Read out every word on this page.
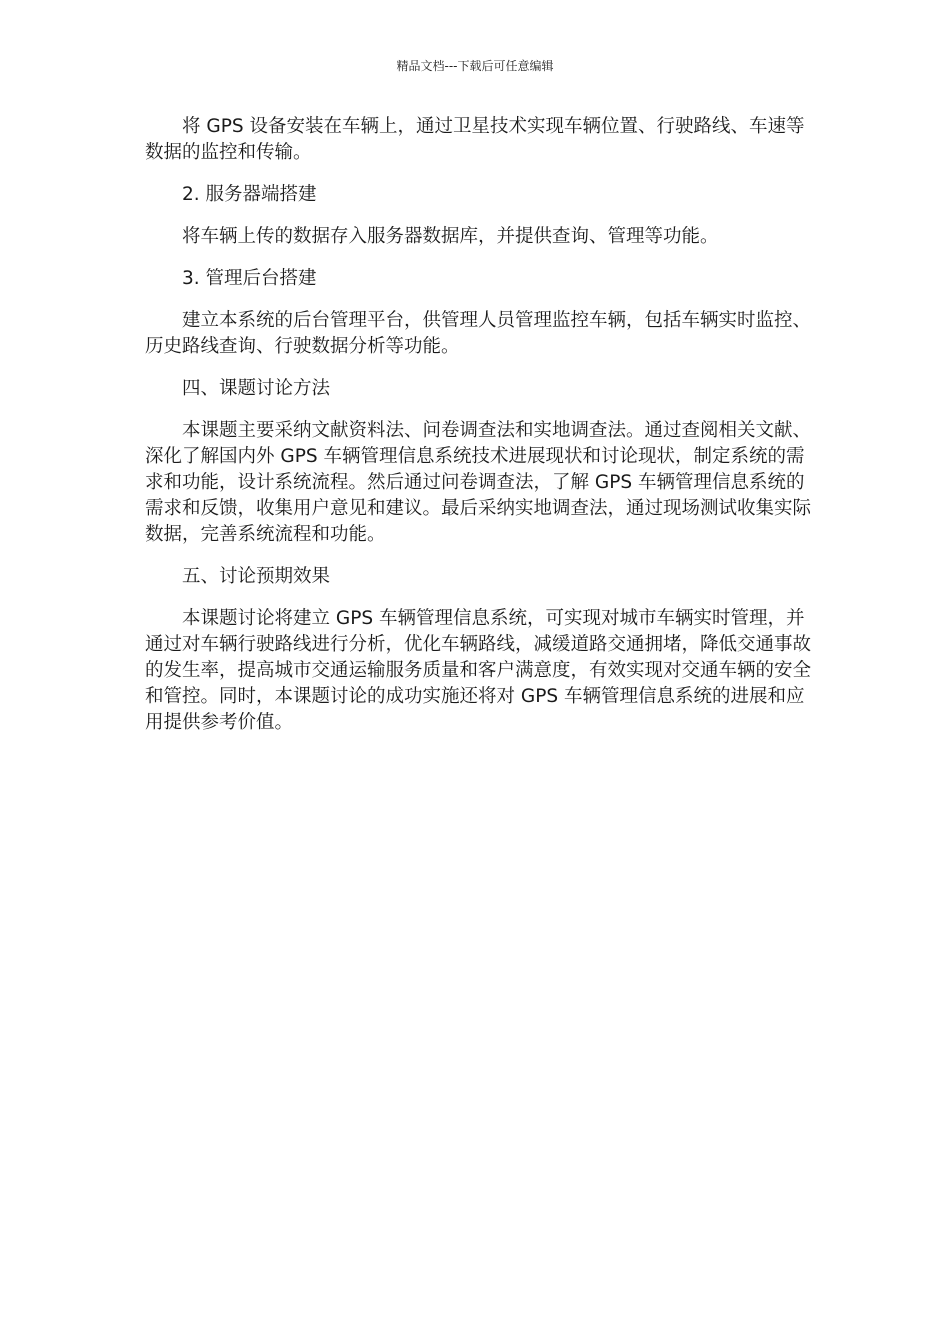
精品文档---下载后可任意编辑

将 GPS 设备安装在车辆上，通过卫星技术实现车辆位置、行驶路线、车速等数据的监控和传输。

2. 服务器端搭建

将车辆上传的数据存入服务器数据库，并提供查询、管理等功能。

3. 管理后台搭建

建立本系统的后台管理平台，供管理人员管理监控车辆，包括车辆实时监控、历史路线查询、行驶数据分析等功能。

四、课题讨论方法

本课题主要采纳文献资料法、问卷调查法和实地调查法。通过查阅相关文献、深化了解国内外 GPS 车辆管理信息系统技术进展现状和讨论现状，制定系统的需求和功能，设计系统流程。然后通过问卷调查法，了解 GPS 车辆管理信息系统的需求和反馈，收集用户意见和建议。最后采纳实地调查法，通过现场测试收集实际数据，完善系统流程和功能。

五、讨论预期效果

本课题讨论将建立 GPS 车辆管理信息系统，可实现对城市车辆实时管理，并通过对车辆行驶路线进行分析，优化车辆路线，减缓道路交通拥堵，降低交通事故的发生率，提高城市交通运输服务质量和客户满意度，有效实现对交通车辆的安全和管控。同时，本课题讨论的成功实施还将对 GPS 车辆管理信息系统的进展和应用提供参考价值。
